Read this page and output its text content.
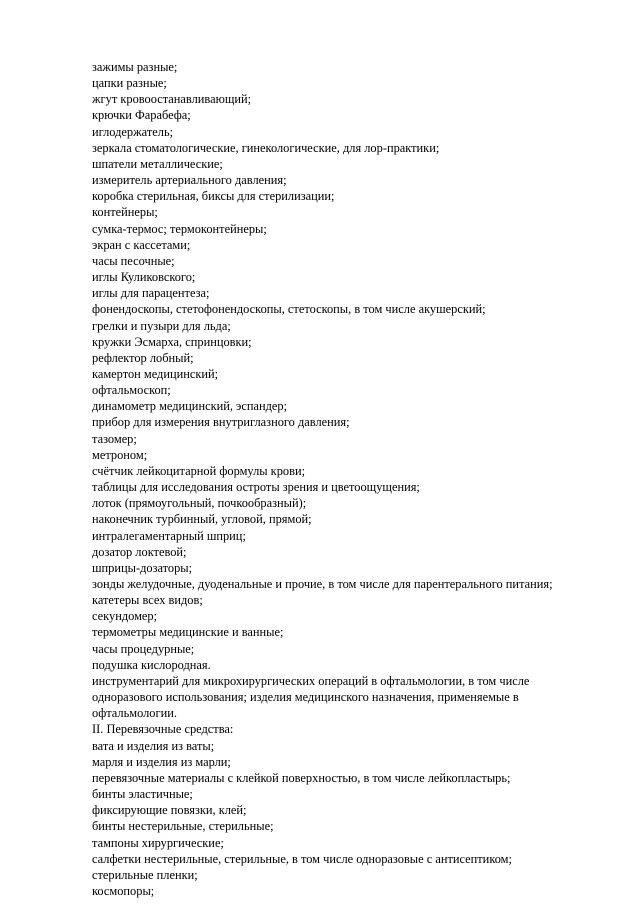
зажимы разные;

цапки разные;

жгут кровоостанавливающий;

крючки Фарабефа;

иглодержатель;

зеркала стоматологические, гинекологические, для лор-практики;

шпатели металлические;

измеритель артериального давления;

коробка стерильная, биксы для стерилизации;

контейнеры;

сумка-термос; термоконтейнеры;

экран с кассетами;

часы песочные;

иглы Куликовского;

иглы для парацентеза;

фонендоскопы, стетофонендоскопы, стетоскопы, в том числе акушерский;

грелки и пузыри для льда;

кружки Эсмарха, спринцовки;

рефлектор лобный;

камертон медицинский;

офтальмоскоп;

динамометр медицинский, эспандер;

прибор для измерения внутриглазного давления;

тазомер;

метроном;

счётчик лейкоцитарной формулы крови;

таблицы для исследования остроты зрения и цветоощущения;

лоток (прямоугольный, почкообразный);

наконечник турбинный, угловой, прямой;

интралегаментарный шприц;

дозатор локтевой;

шприцы-дозаторы;

зонды желудочные, дуоденальные и прочие, в том числе для парентерального питания;

катетеры всех видов;

секундомер;

термометры медицинские и ванные;

часы процедурные;

подушка кислородная.

инструментарий для микрохирургических операций в офтальмологии, в том числе

одноразового использования; изделия медицинского назначения, применяемые в

офтальмологии.

II. Перевязочные средства:

вата и изделия из ваты;

марля и изделия из марли;

перевязочные материалы с клейкой поверхностью, в том числе лейкопластырь;

бинты эластичные;

фиксирующие повязки, клей;

бинты нестерильные, стерильные;

тампоны хирургические;

салфетки нестерильные, стерильные, в том числе одноразовые с антисептиком;

стерильные пленки;

космопоры;
